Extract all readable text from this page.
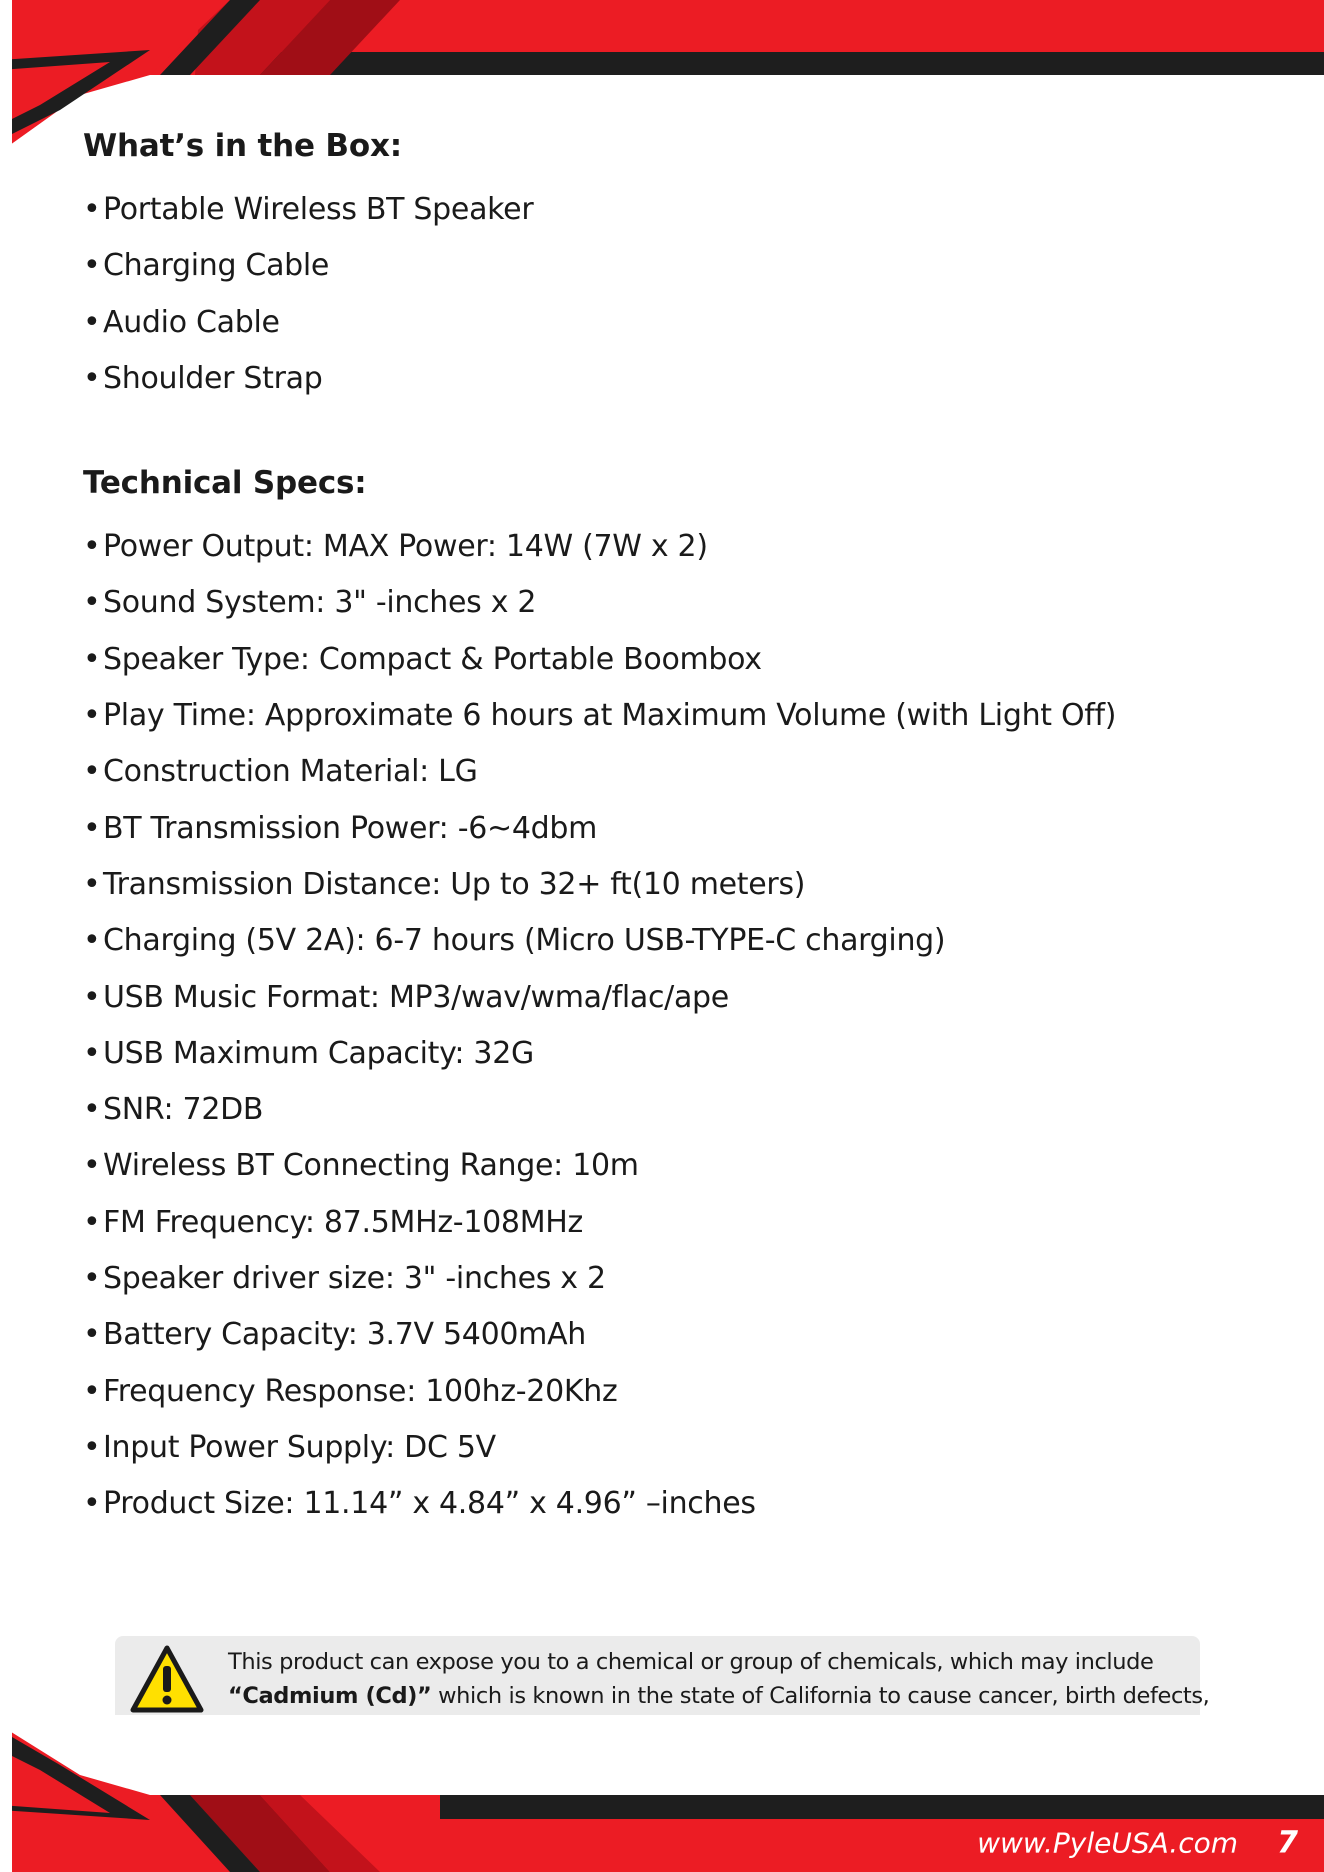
What’s in the Box:
• Portable Wireless BT Speaker
• Charging Cable
• Audio Cable
• Shoulder Strap
Technical Specs:
• Power Output: MAX Power: 14W (7W x 2)
• Sound System: 3" -inches x 2
• Speaker Type: Compact & Portable Boombox
• Play Time: Approximate 6 hours at Maximum Volume (with Light Off)
• Construction Material: LG
• BT Transmission Power: -6~4dbm
• Transmission Distance: Up to 32+ ft(10 meters)
• Charging (5V 2A): 6-7 hours (Micro USB-TYPE-C charging)
• USB Music Format: MP3/wav/wma/flac/ape
• USB Maximum Capacity: 32G
• SNR: 72DB
• Wireless BT Connecting Range: 10m
• FM Frequency: 87.5MHz-108MHz
• Speaker driver size: 3" -inches x 2
• Battery Capacity: 3.7V 5400mAh
• Frequency Response: 100hz-20Khz
• Input Power Supply: DC 5V
• Product Size: 11.14” x 4.84” x 4.96” –inches
This product can expose you to a chemical or group of chemicals, which may include
“Cadmium (Cd)” which is known in the state of California to cause cancer, birth defects,
www.PyleUSA.com 7
